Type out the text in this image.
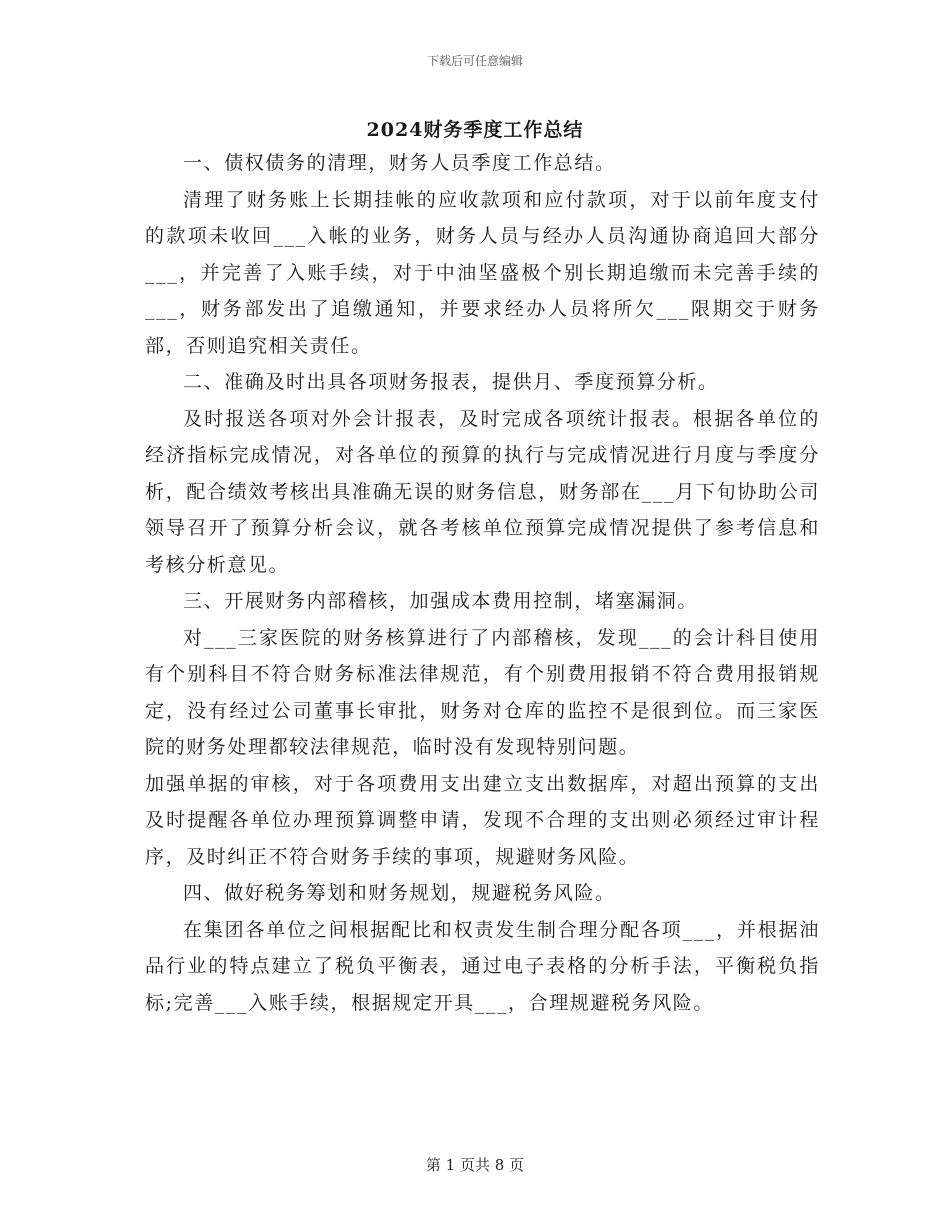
下载后可任意编辑
2024财务季度工作总结

一、债权债务的清理，财务人员季度工作总结。

清理了财务账上长期挂帐的应收款项和应付款项，对于以前年度支付的款项未收回___入帐的业务，财务人员与经办人员沟通协商追回大部分___，并完善了入账手续，对于中油坚盛极个别长期追缴而未完善手续的___，财务部发出了追缴通知，并要求经办人员将所欠___限期交于财务部，否则追究相关责任。

二、准确及时出具各项财务报表，提供月、季度预算分析。

及时报送各项对外会计报表，及时完成各项统计报表。根据各单位的经济指标完成情况，对各单位的预算的执行与完成情况进行月度与季度分析，配合绩效考核出具准确无误的财务信息，财务部在___月下旬协助公司领导召开了预算分析会议，就各考核单位预算完成情况提供了参考信息和考核分析意见。

三、开展财务内部稽核，加强成本费用控制，堵塞漏洞。

对___三家医院的财务核算进行了内部稽核，发现___的会计科目使用有个别科目不符合财务标准法律规范，有个别费用报销不符合费用报销规定，没有经过公司董事长审批，财务对仓库的监控不是很到位。而三家医院的财务处理都较法律规范，临时没有发现特别问题。

加强单据的审核，对于各项费用支出建立支出数据库，对超出预算的支出及时提醒各单位办理预算调整申请，发现不合理的支出则必须经过审计程序，及时纠正不符合财务手续的事项，规避财务风险。

四、做好税务筹划和财务规划，规避税务风险。

在集团各单位之间根据配比和权责发生制合理分配各项___，并根据油品行业的特点建立了税负平衡表，通过电子表格的分析手法，平衡税负指标;完善___入账手续，根据规定开具___，合理规避税务风险。

第 1 页共 8 页
